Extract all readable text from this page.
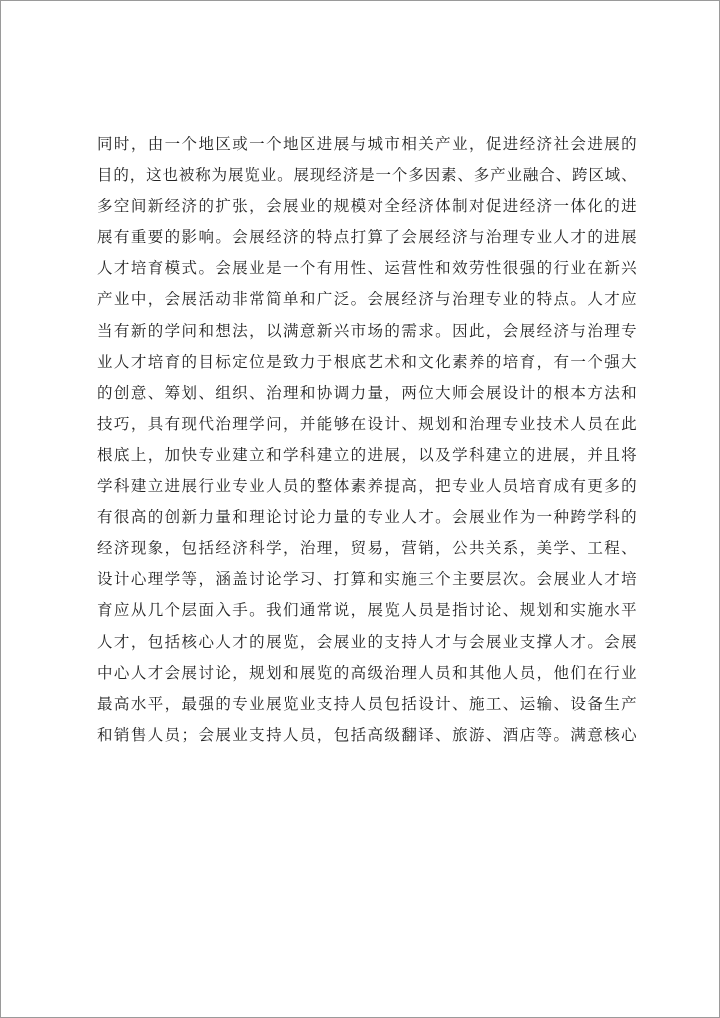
同时，由一个地区或一个地区进展与城市相关产业，促进经济社会进展的
目的，这也被称为展览业。展现经济是一个多因素、多产业融合、跨区域、
多空间新经济的扩张，会展业的规模对全经济体制对促进经济一体化的进
展有重要的影响。会展经济的特点打算了会展经济与治理专业人才的进展
人才培育模式。会展业是一个有用性、运营性和效劳性很强的行业在新兴
产业中，会展活动非常简单和广泛。会展经济与治理专业的特点。人才应
当有新的学问和想法，以满意新兴市场的需求。因此，会展经济与治理专
业人才培育的目标定位是致力于根底艺术和文化素养的培育，有一个强大
的创意、筹划、组织、治理和协调力量，两位大师会展设计的根本方法和
技巧，具有现代治理学问，并能够在设计、规划和治理专业技术人员在此
根底上，加快专业建立和学科建立的进展，以及学科建立的进展，并且将
学科建立进展行业专业人员的整体素养提高，把专业人员培育成有更多的
有很高的创新力量和理论讨论力量的专业人才。会展业作为一种跨学科的
经济现象，包括经济科学，治理，贸易，营销，公共关系，美学、工程、
设计心理学等，涵盖讨论学习、打算和实施三个主要层次。会展业人才培
育应从几个层面入手。我们通常说，展览人员是指讨论、规划和实施水平
人才，包括核心人才的展览，会展业的支持人才与会展业支撑人才。会展
中心人才会展讨论，规划和展览的高级治理人员和其他人员，他们在行业
最高水平，最强的专业展览业支持人员包括设计、施工、运输、设备生产
和销售人员；会展业支持人员，包括高级翻译、旅游、酒店等。满意核心
